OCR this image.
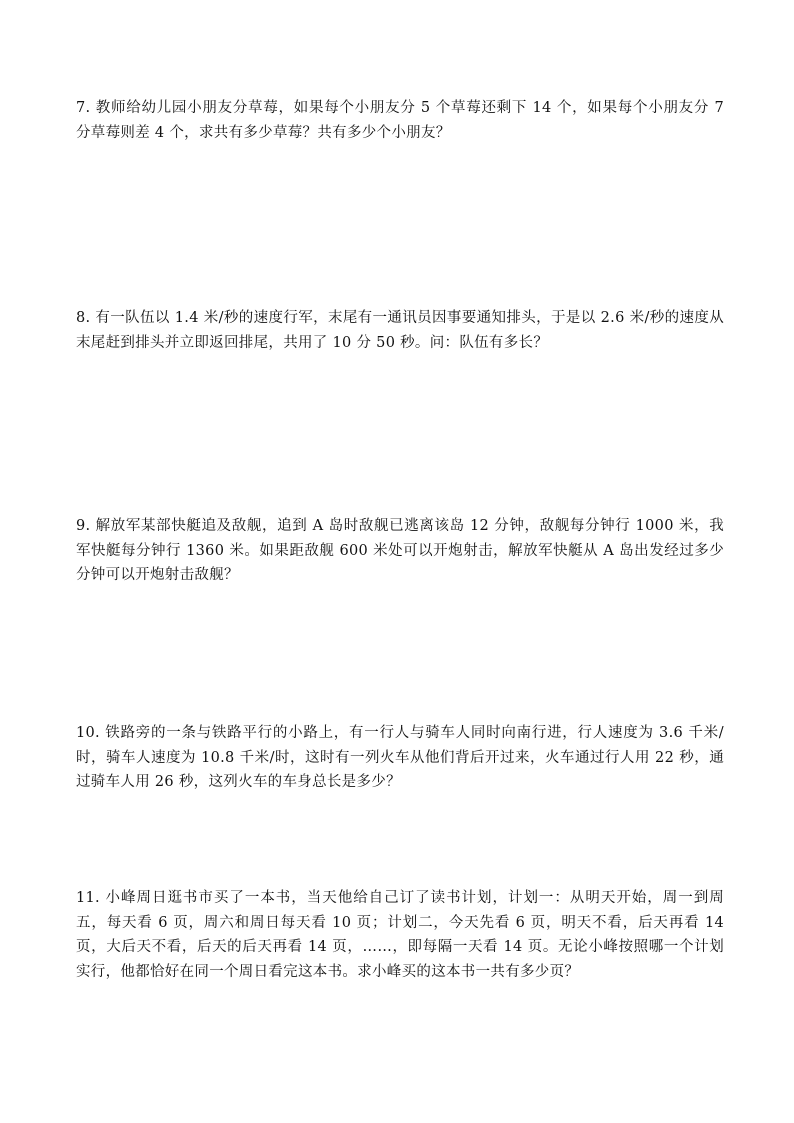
7. 教师给幼儿园小朋友分草莓，如果每个小朋友分 5 个草莓还剩下 14 个，如果每个小朋友分 7 分草莓则差 4 个，求共有多少草莓？共有多少个小朋友？

8. 有一队伍以 1.4 米/秒的速度行军，末尾有一通讯员因事要通知排头，于是以 2.6 米/秒的速度从末尾赶到排头并立即返回排尾，共用了 10 分 50 秒。问：队伍有多长？

9. 解放军某部快艇追及敌舰，追到 A 岛时敌舰已逃离该岛 12 分钟，敌舰每分钟行 1000 米，我军快艇每分钟行 1360 米。如果距敌舰 600 米处可以开炮射击，解放军快艇从 A 岛出发经过多少分钟可以开炮射击敌舰？

10. 铁路旁的一条与铁路平行的小路上，有一行人与骑车人同时向南行进，行人速度为 3.6 千米/时，骑车人速度为 10.8 千米/时，这时有一列火车从他们背后开过来，火车通过行人用 22 秒，通过骑车人用 26 秒，这列火车的车身总长是多少？

11. 小峰周日逛书市买了一本书，当天他给自己订了读书计划，计划一：从明天开始，周一到周五，每天看 6 页，周六和周日每天看 10 页；计划二，今天先看 6 页，明天不看，后天再看 14 页，大后天不看，后天的后天再看 14 页，……，即每隔一天看 14 页。无论小峰按照哪一个计划实行，他都恰好在同一个周日看完这本书。求小峰买的这本书一共有多少页？
